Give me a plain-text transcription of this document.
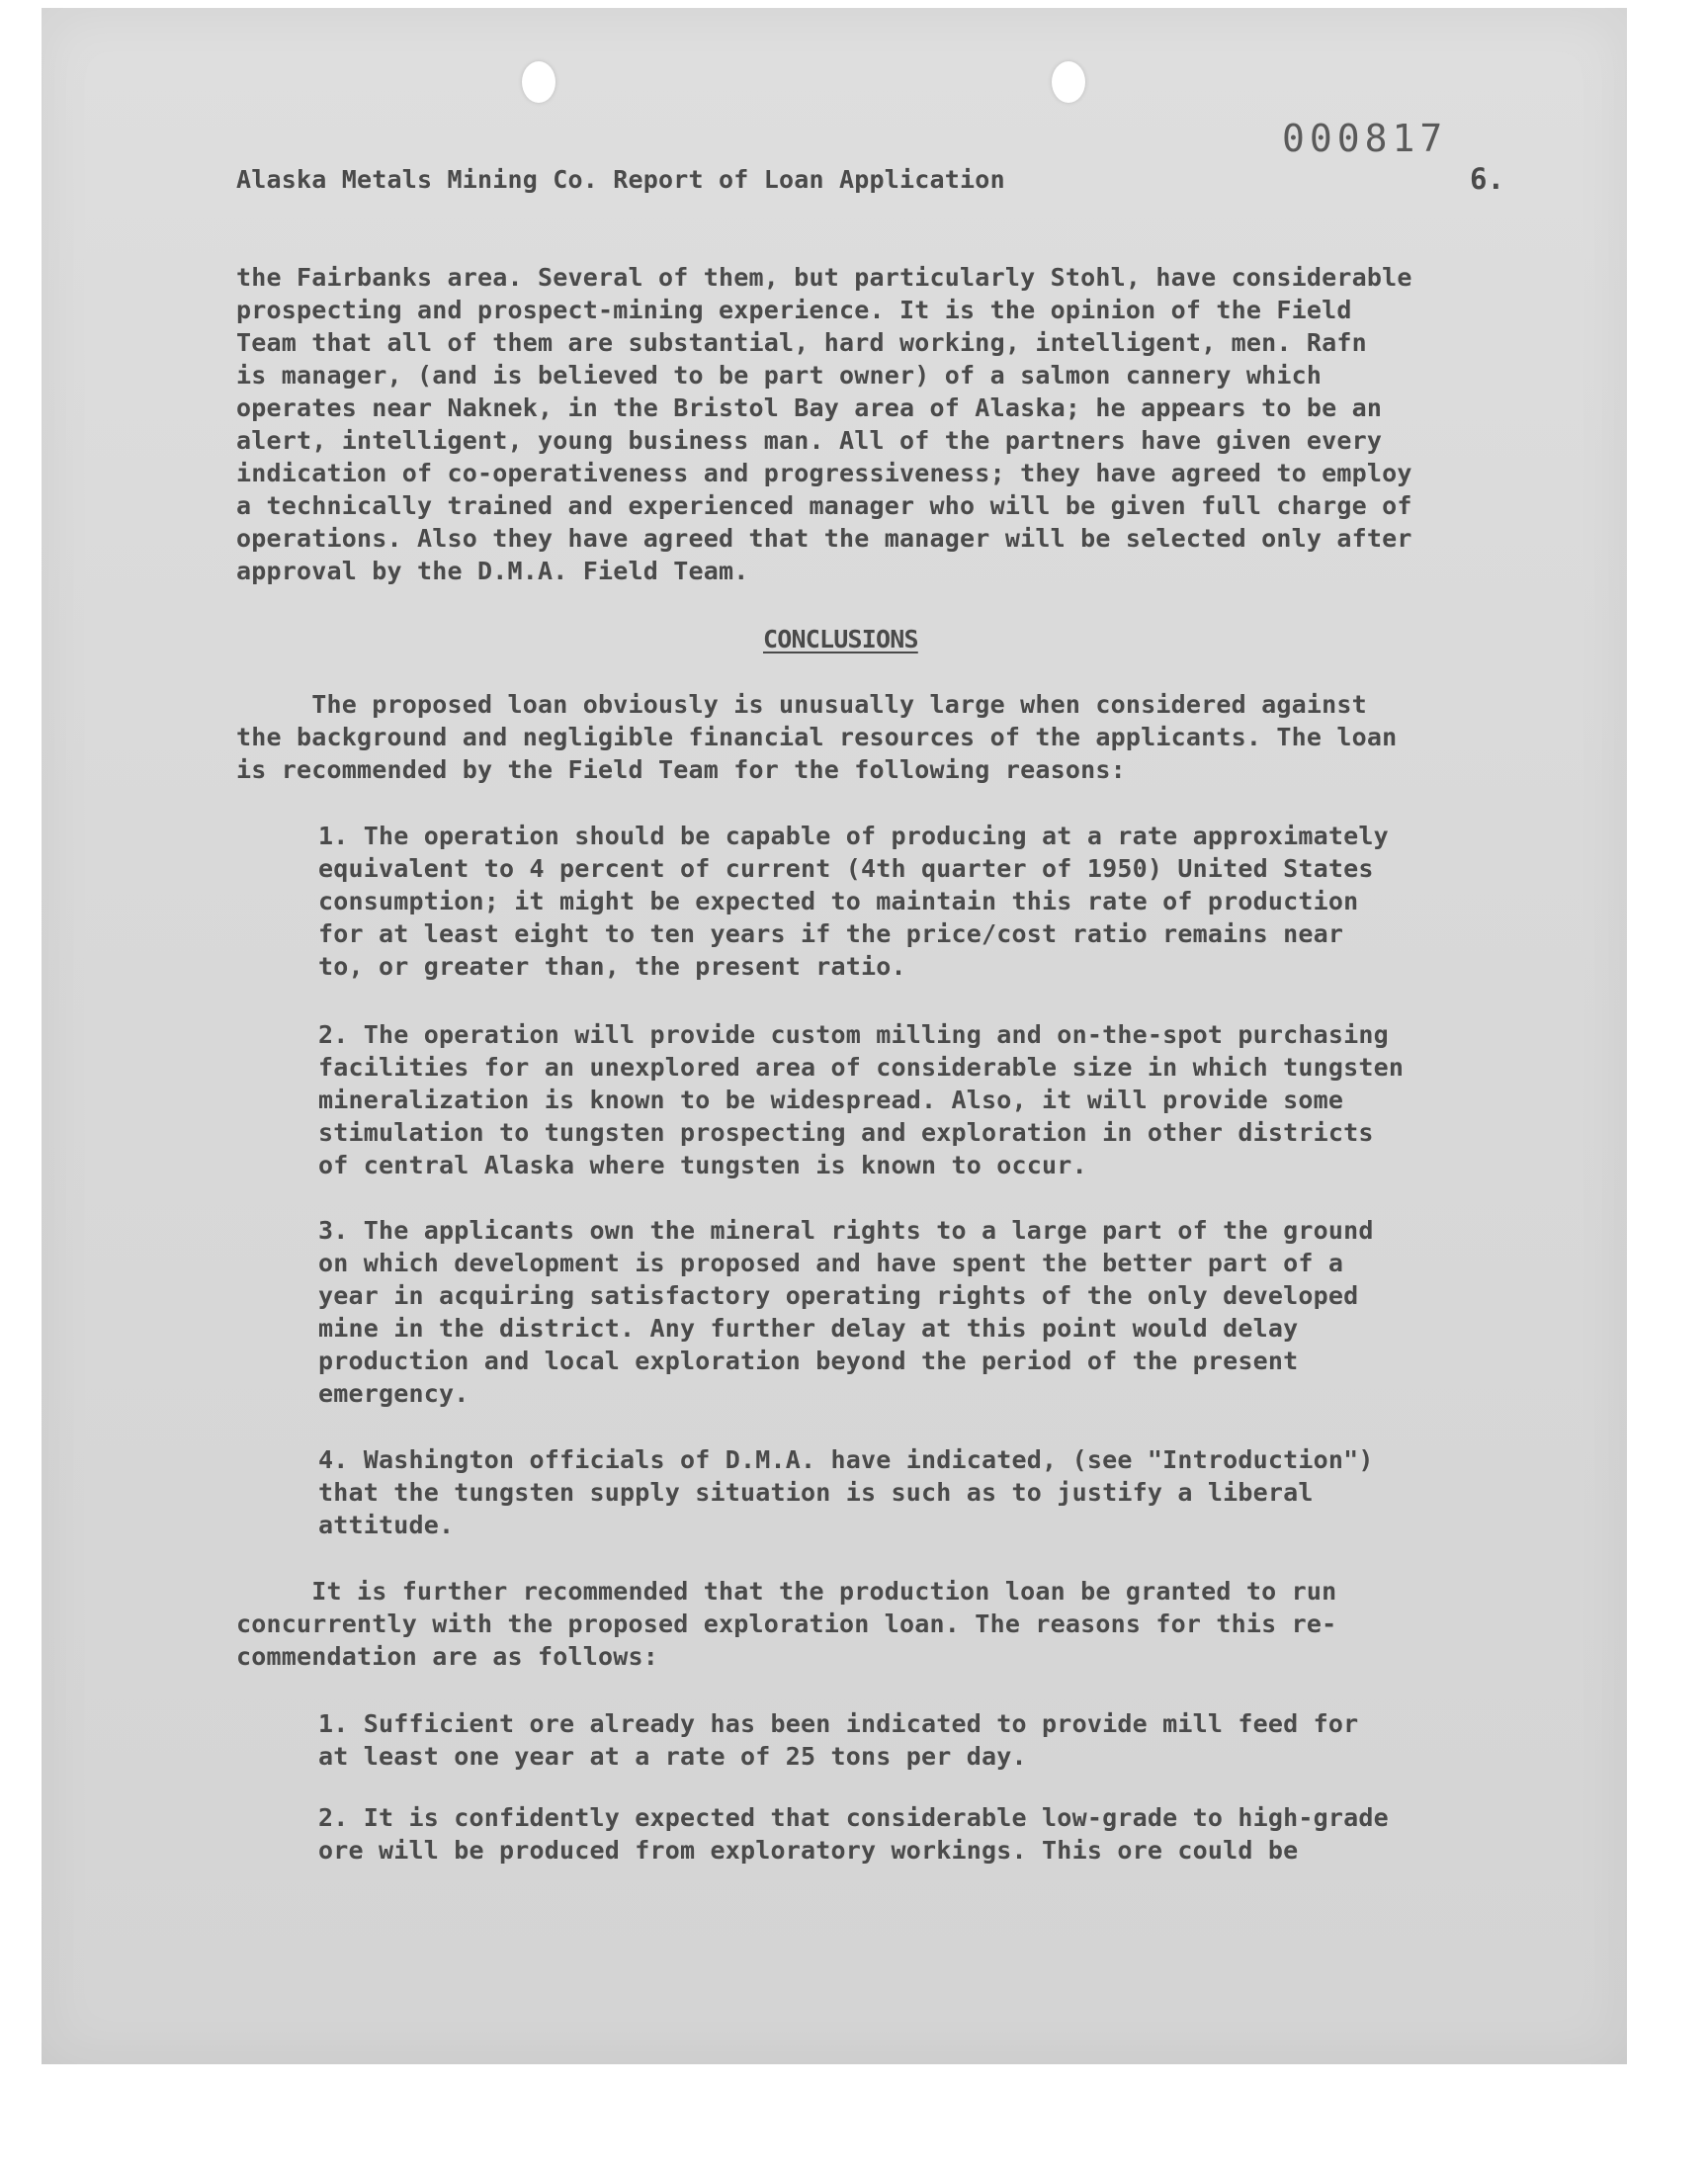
000817
Alaska Metals Mining Co. Report of Loan Application	6.
the Fairbanks area. Several of them, but particularly Stohl, have considerable
prospecting and prospect-mining experience. It is the opinion of the Field
Team that all of them are substantial, hard working, intelligent, men. Rafn
is manager, (and is believed to be part owner) of a salmon cannery which
operates near Naknek, in the Bristol Bay area of Alaska; he appears to be an
alert, intelligent, young business man. All of the partners have given every
indication of co-operativeness and progressiveness; they have agreed to employ
a technically trained and experienced manager who will be given full charge of
operations. Also they have agreed that the manager will be selected only after
approval by the D.M.A. Field Team.
CONCLUSIONS
The proposed loan obviously is unusually large when considered against
the background and negligible financial resources of the applicants. The loan
is recommended by the Field Team for the following reasons:
1. The operation should be capable of producing at a rate approximately
equivalent to 4 percent of current (4th quarter of 1950) United States
consumption; it might be expected to maintain this rate of production
for at least eight to ten years if the price/cost ratio remains near
to, or greater than, the present ratio.
2. The operation will provide custom milling and on-the-spot purchasing
facilities for an unexplored area of considerable size in which tungsten
mineralization is known to be widespread. Also, it will provide some
stimulation to tungsten prospecting and exploration in other districts
of central Alaska where tungsten is known to occur.
3. The applicants own the mineral rights to a large part of the ground
on which development is proposed and have spent the better part of a
year in acquiring satisfactory operating rights of the only developed
mine in the district. Any further delay at this point would delay
production and local exploration beyond the period of the present
emergency.
4. Washington officials of D.M.A. have indicated, (see "Introduction")
that the tungsten supply situation is such as to justify a liberal
attitude.
It is further recommended that the production loan be granted to run
concurrently with the proposed exploration loan. The reasons for this re-
commendation are as follows:
1. Sufficient ore already has been indicated to provide mill feed for
at least one year at a rate of 25 tons per day.
2. It is confidently expected that considerable low-grade to high-grade
ore will be produced from exploratory workings. This ore could be
